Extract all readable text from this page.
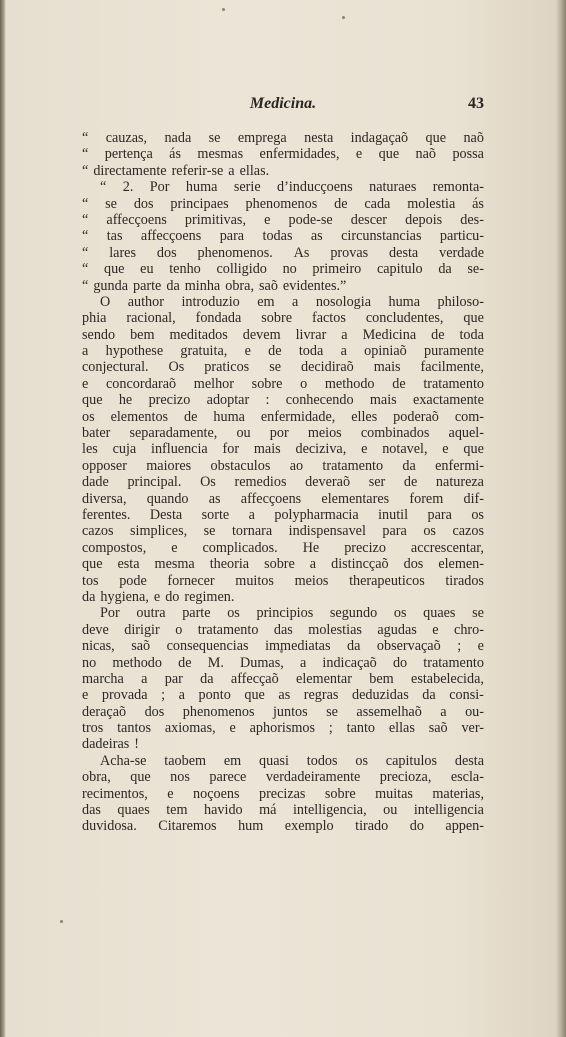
Medicina.	43
“ cauzas, nada se emprega nesta indagaçaõ que naõ
“ pertença ás mesmas enfermidades, e que naõ possa
“ directamente referir-se a ellas.
“ 2. Por huma serie d’inducçoens naturaes remonta-
“ se dos principaes phenomenos de cada molestia ás
“ affecçoens primitivas, e pode-se descer depois des-
“ tas affecçoens para todas as circunstancias particu-
“ lares dos phenomenos. As provas desta verdade
“ que eu tenho colligido no primeiro capitulo da se-
“ gunda parte da minha obra, saõ evidentes.”
O author introduzio em a nosologia huma philoso-
phia racional, fondada sobre factos concludentes, que
sendo bem meditados devem livrar a Medicina de toda
a hypothese gratuita, e de toda a opiniaõ puramente
conjectural. Os praticos se decidiraõ mais facilmente,
e concordaraõ melhor sobre o methodo de tratamento
que he precizo adoptar : conhecendo mais exactamente
os elementos de huma enfermidade, elles poderaõ com-
bater separadamente, ou por meios combinados aquel-
les cuja influencia for mais deciziva, e notavel, e que
opposer maiores obstaculos ao tratamento da enfermi-
dade principal. Os remedios deveraõ ser de natureza
diversa, quando as affecçoens elementares forem dif-
ferentes. Desta sorte a polypharmacia inutil para os
cazos simplices, se tornara indispensavel para os cazos
compostos, e complicados. He precizo accrescentar,
que esta mesma theoria sobre a distincçaõ dos elemen-
tos pode fornecer muitos meios therapeuticos tirados
da hygiena, e do regimen.
Por outra parte os principios segundo os quaes se
deve dirigir o tratamento das molestias agudas e chro-
nicas, saõ consequencias immediatas da observaçaõ ; e
no methodo de M. Dumas, a indicaçaõ do tratamento
marcha a par da affecçaõ elementar bem estabelecida,
e provada ; a ponto que as regras deduzidas da consi-
deraçaõ dos phenomenos juntos se assemelhaõ a ou-
tros tantos axiomas, e aphorismos ; tanto ellas saõ ver-
dadeiras !
Acha-se taobem em quasi todos os capitulos desta
obra, que nos parece verdadeiramente precioza, escla-
recimentos, e noçoens precizas sobre muitas materias,
das quaes tem havido má intelligencia, ou intelligencia
duvidosa. Citaremos hum exemplo tirado do appen-
